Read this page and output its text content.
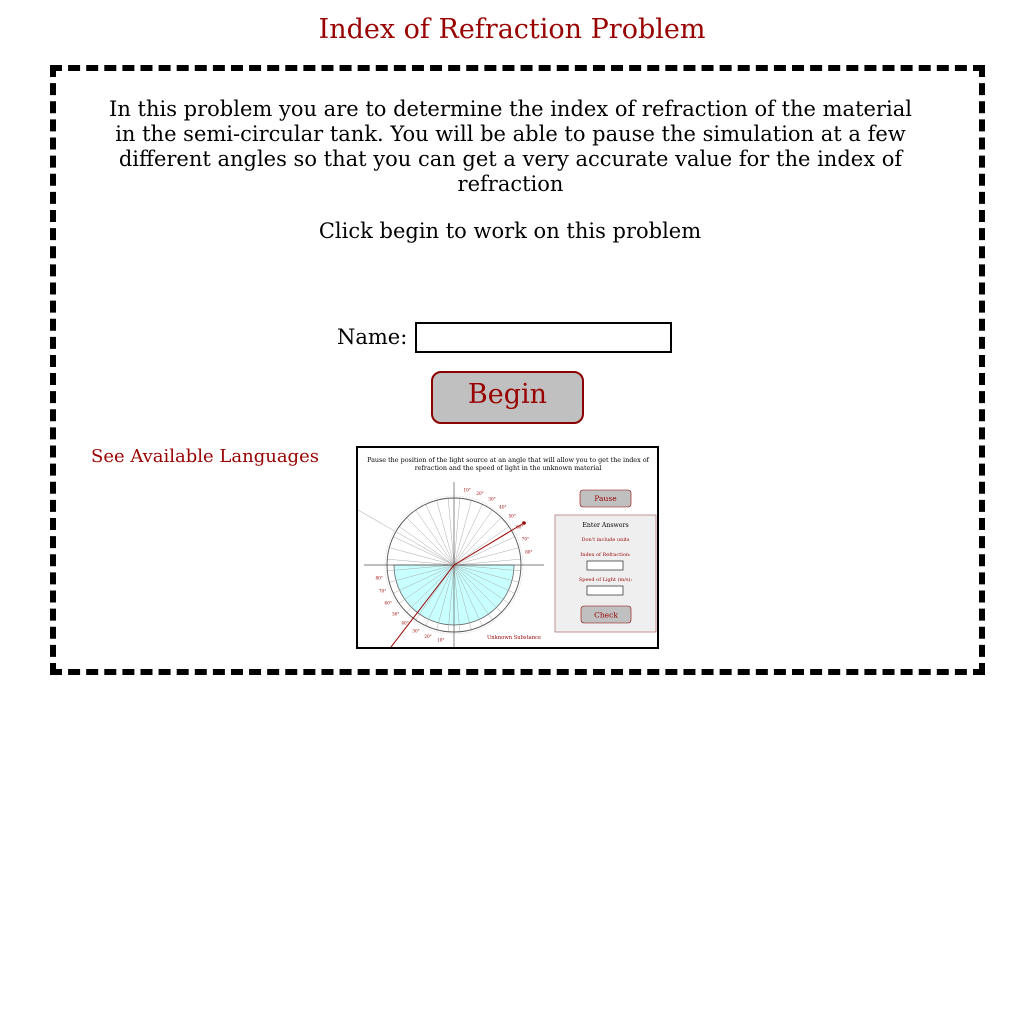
Index of Refraction Problem

In this problem you are to determine the index of refraction of the material in the semi-circular tank. You will be able to pause the simulation at a few different angles so that you can get a very accurate value for the index of refraction

Click begin to work on this problem

Name:
Begin
See Available Languages	Pause the position of the light source at an angle that will allow you to get the index of
refraction and the speed of light in the unknown material
10°
20°
30°
40°
50°
60°
70°
80°
80°
70°
60°
50°
40°
30°
20°
10°	Unknown Substance
Pause
Enter Answers
Don't include units
Index of Refraction:
Speed of Light (m/s):
Check
